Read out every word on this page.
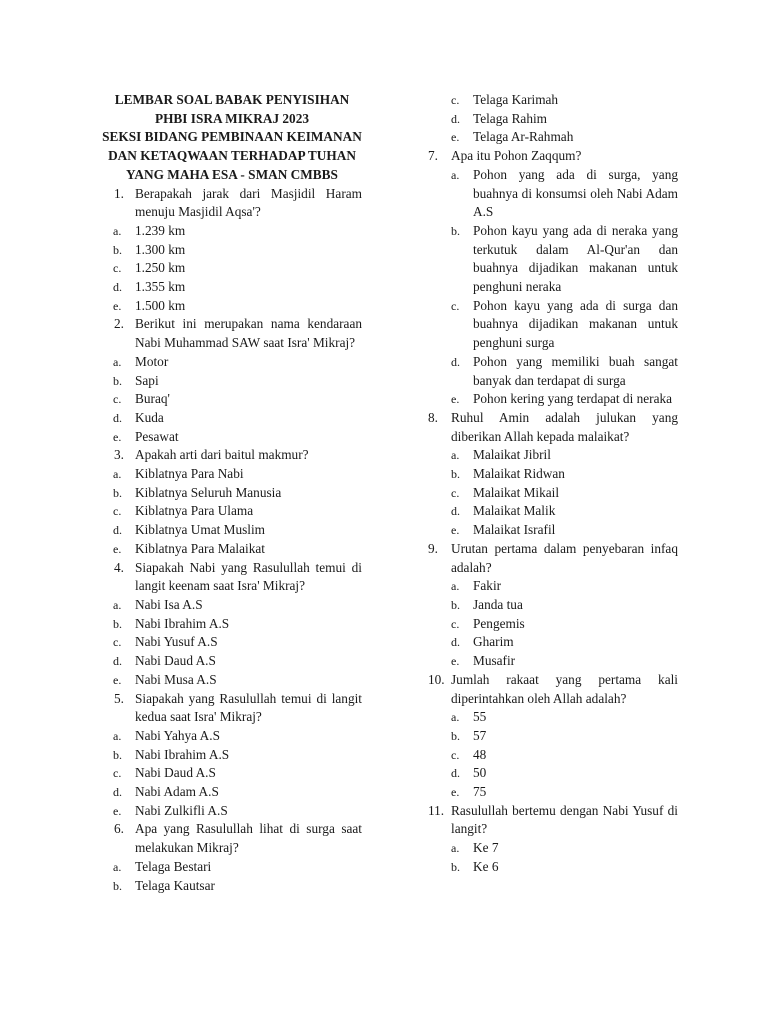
LEMBAR SOAL BABAK PENYISIHAN
PHBI ISRA MIKRAJ 2023
SEKSI BIDANG PEMBINAAN KEIMANAN
DAN KETAQWAAN TERHADAP TUHAN
YANG MAHA ESA - SMAN CMBBS
1. Berapakah jarak dari Masjidil Haram menuju Masjidil Aqsa'?
a. 1.239 km
b. 1.300 km
c. 1.250 km
d. 1.355 km
e. 1.500 km
2. Berikut ini merupakan nama kendaraan Nabi Muhammad SAW saat Isra' Mikraj?
a. Motor
b. Sapi
c. Buraq'
d. Kuda
e. Pesawat
3. Apakah arti dari baitul makmur?
a. Kiblatnya Para Nabi
b. Kiblatnya Seluruh Manusia
c. Kiblatnya Para Ulama
d. Kiblatnya Umat Muslim
e. Kiblatnya Para Malaikat
4. Siapakah Nabi yang Rasulullah temui di langit keenam saat Isra' Mikraj?
a. Nabi Isa A.S
b. Nabi Ibrahim A.S
c. Nabi Yusuf A.S
d. Nabi Daud A.S
e. Nabi Musa A.S
5. Siapakah yang Rasulullah temui di langit kedua saat Isra' Mikraj?
a. Nabi Yahya A.S
b. Nabi Ibrahim A.S
c. Nabi Daud A.S
d. Nabi Adam A.S
e. Nabi Zulkifli A.S
6. Apa yang Rasulullah lihat di surga saat melakukan Mikraj?
a. Telaga Bestari
b. Telaga Kautsar
c. Telaga Karimah
d. Telaga Rahim
e. Telaga Ar-Rahmah
7. Apa itu Pohon Zaqqum?
a. Pohon yang ada di surga, yang buahnya di konsumsi oleh Nabi Adam A.S
b. Pohon kayu yang ada di neraka yang terkutuk dalam Al-Qur'an dan buahnya dijadikan makanan untuk penghuni neraka
c. Pohon kayu yang ada di surga dan buahnya dijadikan makanan untuk penghuni surga
d. Pohon yang memiliki buah sangat banyak dan terdapat di surga
e. Pohon kering yang terdapat di neraka
8. Ruhul Amin adalah julukan yang diberikan Allah kepada malaikat?
a. Malaikat Jibril
b. Malaikat Ridwan
c. Malaikat Mikail
d. Malaikat Malik
e. Malaikat Israfil
9. Urutan pertama dalam penyebaran infaq adalah?
a. Fakir
b. Janda tua
c. Pengemis
d. Gharim
e. Musafir
10. Jumlah rakaat yang pertama kali diperintahkan oleh Allah adalah?
a. 55
b. 57
c. 48
d. 50
e. 75
11. Rasulullah bertemu dengan Nabi Yusuf di langit?
a. Ke 7
b. Ke 6
